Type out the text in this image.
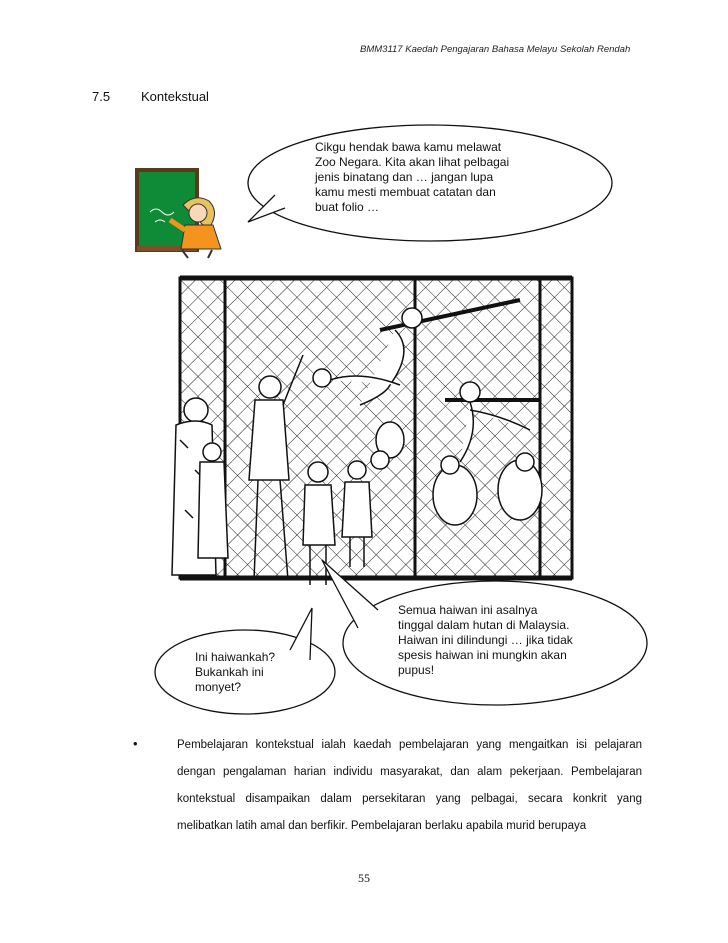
BMM3117 Kaedah Pengajaran Bahasa Melayu Sekolah Rendah
7.5 Kontekstual
Cikgu hendak bawa kamu melawat
Zoo Negara. Kita akan lihat pelbagai
jenis binatang dan … jangan lupa
kamu mesti membuat catatan dan
buat folio …
Semua haiwan ini asalnya
tinggal dalam hutan di Malaysia.
Haiwan ini dilindungi … jika tidak
spesis haiwan ini mungkin akan
pupus!
Ini haiwankah?
Bukankah ini
monyet?
•	Pembelajaran kontekstual ialah kaedah pembelajaran yang mengaitkan isi pelajaran dengan pengalaman harian individu masyarakat, dan alam pekerjaan. Pembelajaran kontekstual disampaikan dalam persekitaran yang pelbagai, secara konkrit yang melibatkan latih amal dan berfikir. Pembelajaran berlaku apabila murid berupaya
55
